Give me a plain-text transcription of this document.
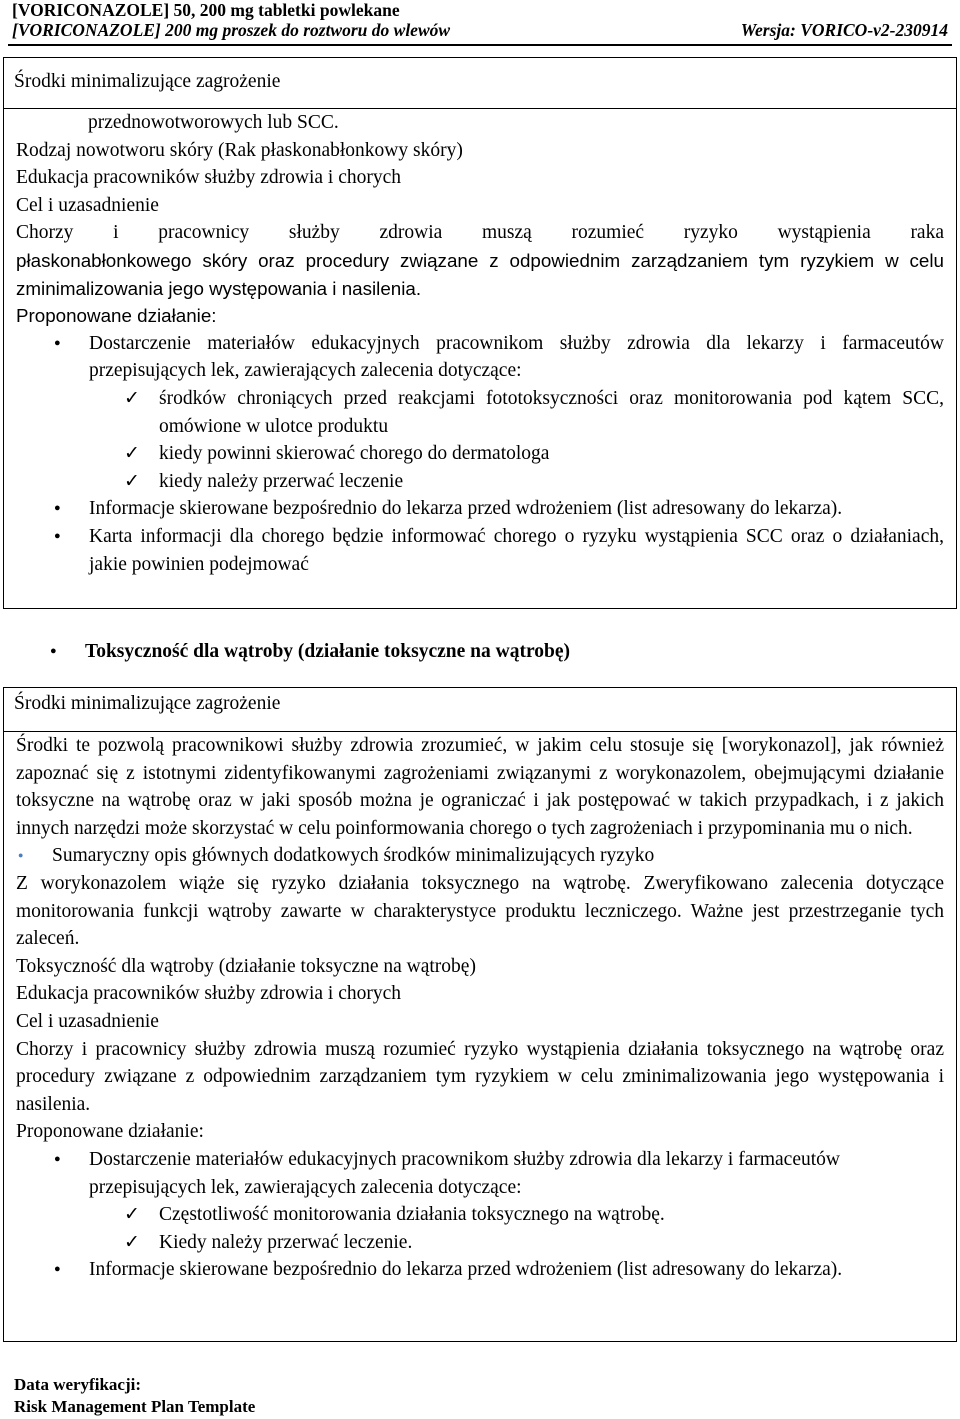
[VORICONAZOLE] 50, 200 mg tabletki powlekane
[VORICONAZOLE] 200 mg proszek do roztworu do wlewów	Wersja: VORICO-v2-230914
Środki minimalizujące zagrożenie
przednowotworowych lub SCC.
Rodzaj nowotworu skóry (Rak płaskonabłonkowy skóry)
Edukacja pracowników służby zdrowia i chorych
Cel i uzasadnienie
Chorzy i pracownicy służby zdrowia muszą rozumieć ryzyko wystąpienia raka
płaskonabłonkowego skóry oraz procedury związane z odpowiednim zarządzaniem tym ryzykiem w celu zminimalizowania jego występowania i nasilenia.
Proponowane działanie:
● Dostarczenie materiałów edukacyjnych pracownikom służby zdrowia dla lekarzy i farmaceutów przepisujących lek, zawierających zalecenia dotyczące:
✓ środków chroniących przed reakcjami fototoksyczności oraz monitorowania pod kątem SCC, omówione w ulotce produktu
✓ kiedy powinni skierować chorego do dermatologa
✓ kiedy należy przerwać leczenie
● Informacje skierowane bezpośrednio do lekarza przed wdrożeniem (list adresowany do lekarza).
● Karta informacji dla chorego będzie informować chorego o ryzyku wystąpienia SCC oraz o działaniach, jakie powinien podejmować
● Toksyczność dla wątroby (działanie toksyczne na wątrobę)
Środki minimalizujące zagrożenie
Środki te pozwolą pracownikowi służby zdrowia zrozumieć, w jakim celu stosuje się [worykonazol], jak również zapoznać się z istotnymi zidentyfikowanymi zagrożeniami związanymi z worykonazolem, obejmującymi działanie toksyczne na wątrobę oraz w jaki sposób można je ograniczać i jak postępować w takich przypadkach, i z jakich innych narzędzi może skorzystać w celu poinformowania chorego o tych zagrożeniach i przypominania mu o nich.
● Sumaryczny opis głównych dodatkowych środków minimalizujących ryzyko
Z worykonazolem wiąże się ryzyko działania toksycznego na wątrobę. Zweryfikowano zalecenia dotyczące monitorowania funkcji wątroby zawarte w charakterystyce produktu leczniczego. Ważne jest przestrzeganie tych zaleceń.
Toksyczność dla wątroby (działanie toksyczne na wątrobę)
Edukacja pracowników służby zdrowia i chorych
Cel i uzasadnienie
Chorzy i pracownicy służby zdrowia muszą rozumieć ryzyko wystąpienia działania toksycznego na wątrobę oraz procedury związane z odpowiednim zarządzaniem tym ryzykiem w celu zminimalizowania jego występowania i nasilenia.
Proponowane działanie:
● Dostarczenie materiałów edukacyjnych pracownikom służby zdrowia dla lekarzy i farmaceutów przepisujących lek, zawierających zalecenia dotyczące:
✓ Częstotliwość monitorowania działania toksycznego na wątrobę.
✓ Kiedy należy przerwać leczenie.
● Informacje skierowane bezpośrednio do lekarza przed wdrożeniem (list adresowany do lekarza).
Data weryfikacji:
Risk Management Plan Template
